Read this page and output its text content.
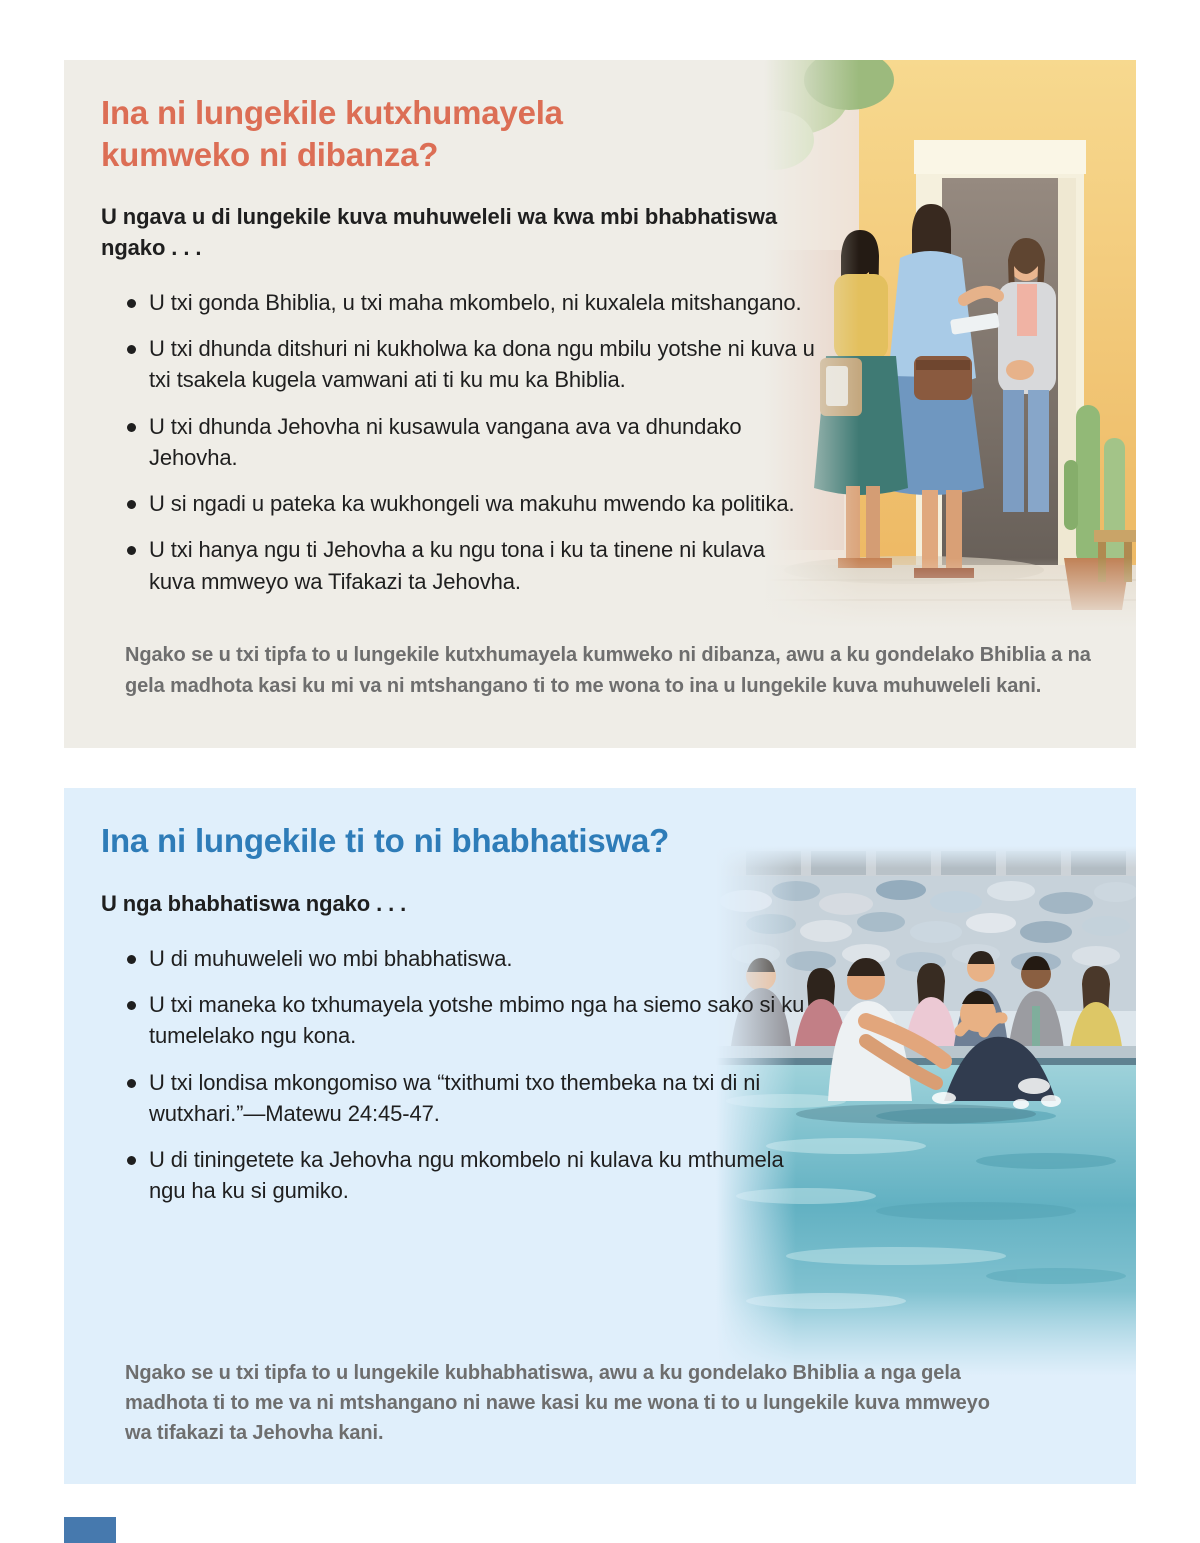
Ina ni lungekile kutxhumayela kumweko ni dibanza?

U ngava u di lungekile kuva muhuweleli wa kwa mbi bhabhatiswa ngako . . .

U txi gonda Bhiblia, u txi maha mkombelo, ni kuxalela mitshangano.
U txi dhunda ditshuri ni kukholwa ka dona ngu mbilu yotshe ni kuva u txi tsakela kugela vamwani ati ti ku mu ka Bhiblia.
U txi dhunda Jehovha ni kusawula vangana ava va dhundako Jehovha.
U si ngadi u pateka ka wukhongeli wa makuhu mwendo ka politika.
U txi hanya ngu ti Jehovha a ku ngu tona i ku ta tinene ni kulava kuva mmweyo wa Tifakazi ta Jehovha.

Ngako se u txi tipfa to u lungekile kutxhumayela kumweko ni dibanza, awu a ku gondelako Bhiblia a na gela madhota kasi ku mi va ni mtshangano ti to me wona to ina u lungekile kuva muhuweleli kani.

Ina ni lungekile ti to ni bhabhatiswa?

U nga bhabhatiswa ngako . . .

U di muhuweleli wo mbi bhabhatiswa.
U txi maneka ko txhumayela yotshe mbimo nga ha siemo sako si ku tumelelako ngu kona.
U txi londisa mkongomiso wa “txithumi txo thembeka na txi di ni wutxhari.”—Matewu 24:45-47.
U di tiningetete ka Jehovha ngu mkombelo ni kulava ku mthumela ngu ha ku si gumiko.

Ngako se u txi tipfa to u lungekile kubhabhatiswa, awu a ku gondelako Bhiblia a nga gela madhota ti to me va ni mtshangano ni nawe kasi ku me wona ti to u lungekile kuva mmweyo wa tifakazi ta Jehovha kani.
